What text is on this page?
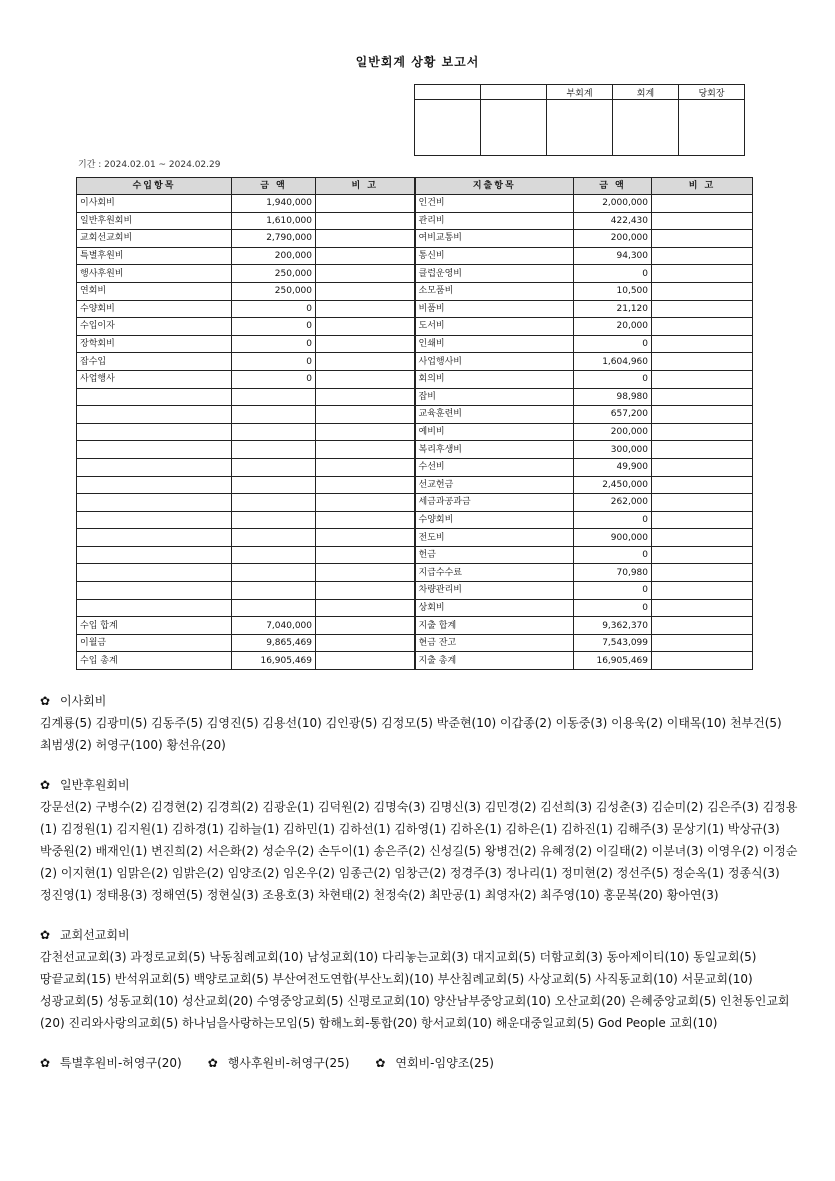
일반회계 상황 보고서
		부회계	회계	당회장

기간 : 2024.02.01 ~ 2024.02.29
수입항목	금 액	비 고	지출항목	금 액	비 고
이사회비	1,940,000		인건비	2,000,000	
일반후원회비	1,610,000		관리비	422,430	
교회선교회비	2,790,000		여비교통비	200,000	
특별후원비	200,000		통신비	94,300	
행사후원비	250,000		클럽운영비	0	
연회비	250,000		소모품비	10,500	
수양회비	0		비품비	21,120	
수입이자	0		도서비	20,000	
장학회비	0		인쇄비	0	
잡수입	0		사업행사비	1,604,960	
사업행사	0		회의비	0	
			잡비	98,980	
			교육훈련비	657,200	
			예비비	200,000	
			복리후생비	300,000	
			수선비	49,900	
			선교헌금	2,450,000	
			세금과공과금	262,000	
			수양회비	0	
			전도비	900,000	
			헌금	0	
			지급수수료	70,980	
			차량관리비	0	
			상회비	0	
수입 합계	7,040,000		지출 합계	9,362,370	
이월금	9,865,469		현금 잔고	7,543,099	
수입 총계	16,905,469		지출 총계	16,905,469	
✿ 이사회비
김계룡(5) 김광미(5) 김동주(5) 김영진(5) 김용선(10) 김인광(5) 김정모(5) 박준현(10) 이갑종(2) 이동중(3) 이용욱(2) 이태목(10) 천부건(5) 최범생(2) 허영구(100) 황선유(20)
✿ 일반후원회비
강문선(2) 구병수(2) 김경현(2) 김경희(2) 김광운(1) 김덕원(2) 김명숙(3) 김명신(3) 김민경(2) 김선희(3) 김성춘(3) 김순미(2) 김은주(3) 김정용(1) 김정원(1) 김지원(1) 김하경(1) 김하늘(1) 김하민(1) 김하선(1) 김하영(1) 김하온(1) 김하은(1) 김하진(1) 김해주(3) 문상기(1) 박상규(3) 박중원(2) 배재인(1) 변진희(2) 서은화(2) 성순우(2) 손두이(1) 송은주(2) 신성길(5) 왕병건(2) 유혜정(2) 이길태(2) 이분녀(3) 이영우(2) 이정순(2) 이지현(1) 임맑은(2) 임밝은(2) 임양조(2) 임온우(2) 임종근(2) 임창근(2) 정경주(3) 정나리(1) 정미현(2) 정선주(5) 정순옥(1) 정종식(3) 정진영(1) 정태용(3) 정해연(5) 정현실(3) 조용호(3) 차현태(2) 천정숙(2) 최만공(1) 최영자(2) 최주영(10) 홍문복(20) 황아연(3)
✿ 교회선교회비
감천선교교회(3) 과정로교회(5) 낙동침례교회(10) 남성교회(10) 다리놓는교회(3) 대지교회(5) 더함교회(3) 동아제이티(10) 동일교회(5) 땅끝교회(15) 반석위교회(5) 백양로교회(5) 부산여전도연합(부산노회)(10) 부산침례교회(5) 사상교회(5) 사직동교회(10) 서문교회(10) 성광교회(5) 성동교회(10) 성산교회(20) 수영중앙교회(5) 신평로교회(10) 양산남부중앙교회(10) 오산교회(20) 은혜중앙교회(5) 인천동인교회(20) 진리와사랑의교회(5) 하나님을사랑하는모임(5) 함해노회-통합(20) 항서교회(10) 해운대중일교회(5) God People 교회(10)
✿ 특별후원비-허영구(20) ✿ 행사후원비-허영구(25) ✿ 연회비-임양조(25)
